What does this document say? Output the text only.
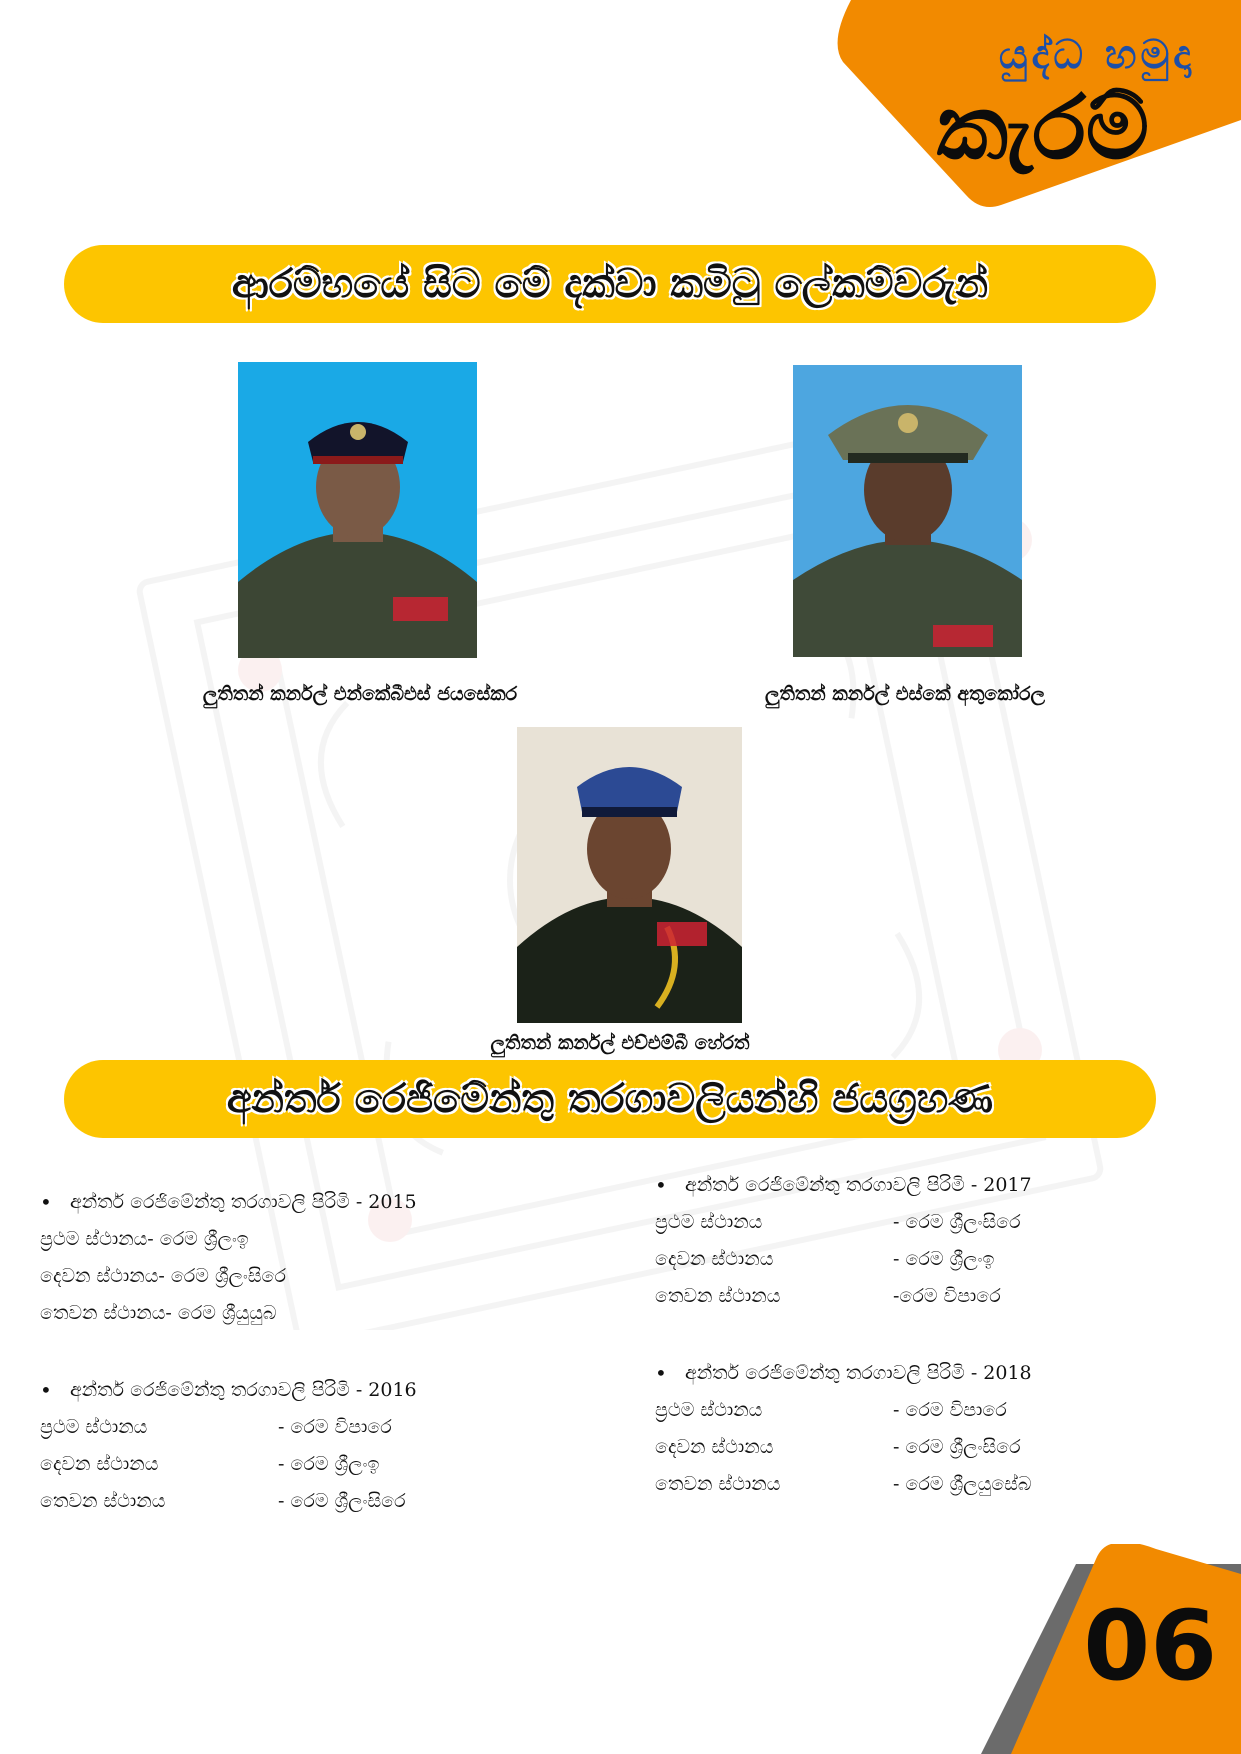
යුද්ධ හමුදා
කැරම්
ආරම්භයේ සිට මේ දක්වා කමිටු ලේකම්වරුන්
ලුතිතන් කර්නල් එන්කේබීඑස් ජයසේකර	ලුතිතන් කර්නල් එස්කේ අතුකෝරල
ලුතිතන් කර්නල් එච්එම්බී හේරත්
අන්තර් රෙජිමේන්තු තරගාවලියන්හි ජයග්‍රහණ
• අන්තර් රෙජිමේන්තු තරගාවලි පිරිමි - 2015
ප්‍රථම ස්ථානය - රෙම ශ්‍රීලංඉ
දෙවන ස්ථානය - රෙම ශ්‍රීලංසිරෙ
තෙවන ස්ථානය - රෙම ශ්‍රීයුයුබ
• අන්තර් රෙජිමේන්තු තරගාවලි පිරිමි - 2016
ප්‍රථම ස්ථානය	- රෙම විපාරෙ
දෙවන ස්ථානය	- රෙම ශ්‍රීලංඉ
තෙවන ස්ථානය	- රෙම ශ්‍රීලංසිරෙ
• අන්තර් රෙජිමේන්තු තරගාවලි පිරිමි - 2017
ප්‍රථම ස්ථානය	- රෙම ශ්‍රීලංසිරෙ
දෙවන ස්ථානය	- රෙම ශ්‍රීලංඉ
තෙවන ස්ථානය	-රෙම විපාරෙ
• අන්තර් රෙජිමේන්තු තරගාවලි පිරිමි - 2018
ප්‍රථම ස්ථානය	- රෙම විපාරෙ
දෙවන ස්ථානය	- රෙම ශ්‍රීලංසිරෙ
තෙවන ස්ථානය	- රෙම ශ්‍රීලයුසේබ
06
